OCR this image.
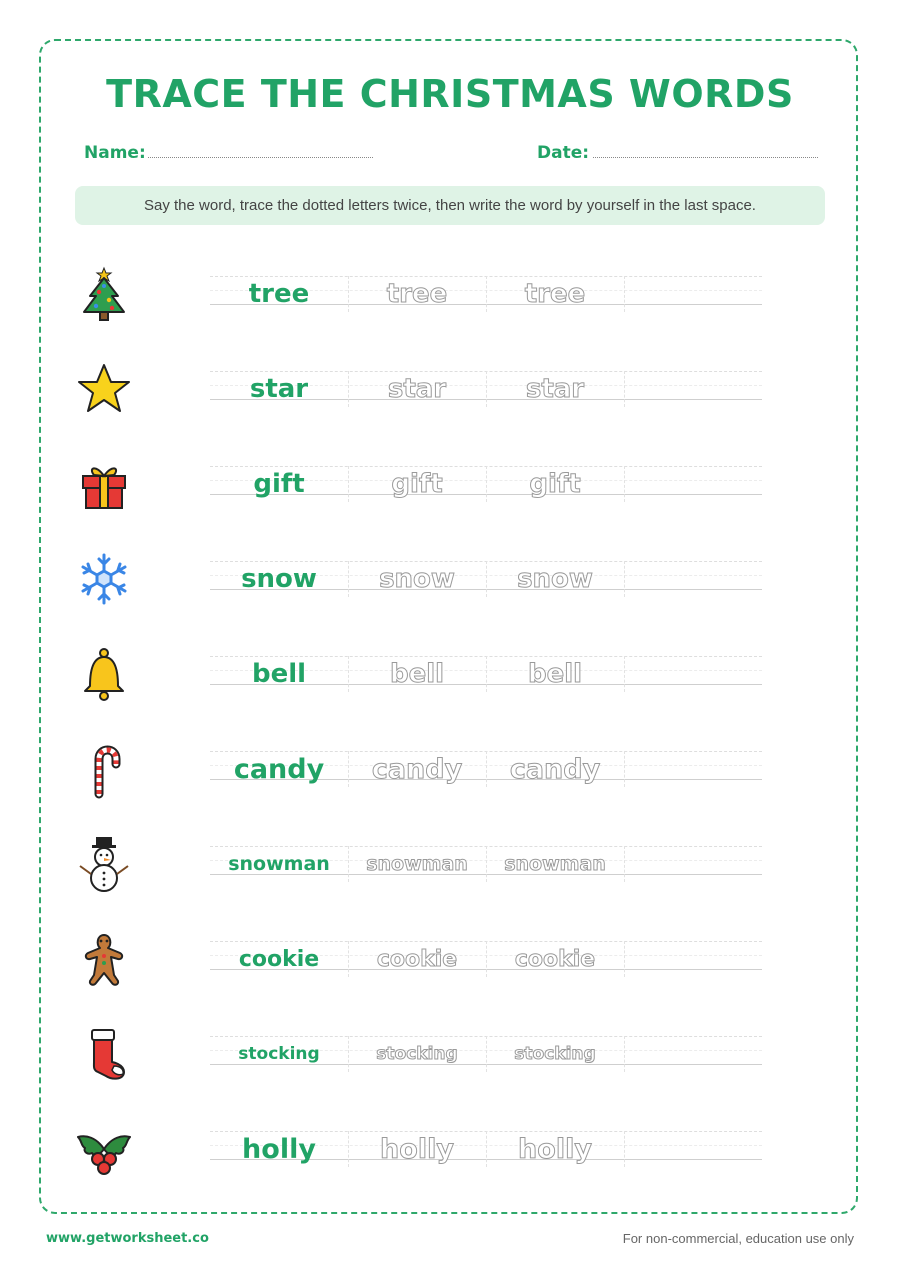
TRACE THE CHRISTMAS WORDS
Name:	Date:
Say the word, trace the dotted letters twice, then write the word by yourself in the last space.
tree	tree	tree
star	star	star
gift	gift	gift
snow	snow	snow
bell	bell	bell
candy	candy	candy
snowman	snowman	snowman
cookie	cookie	cookie
stocking	stocking	stocking
holly	holly	holly
www.getworksheet.co	For non-commercial, education use only
